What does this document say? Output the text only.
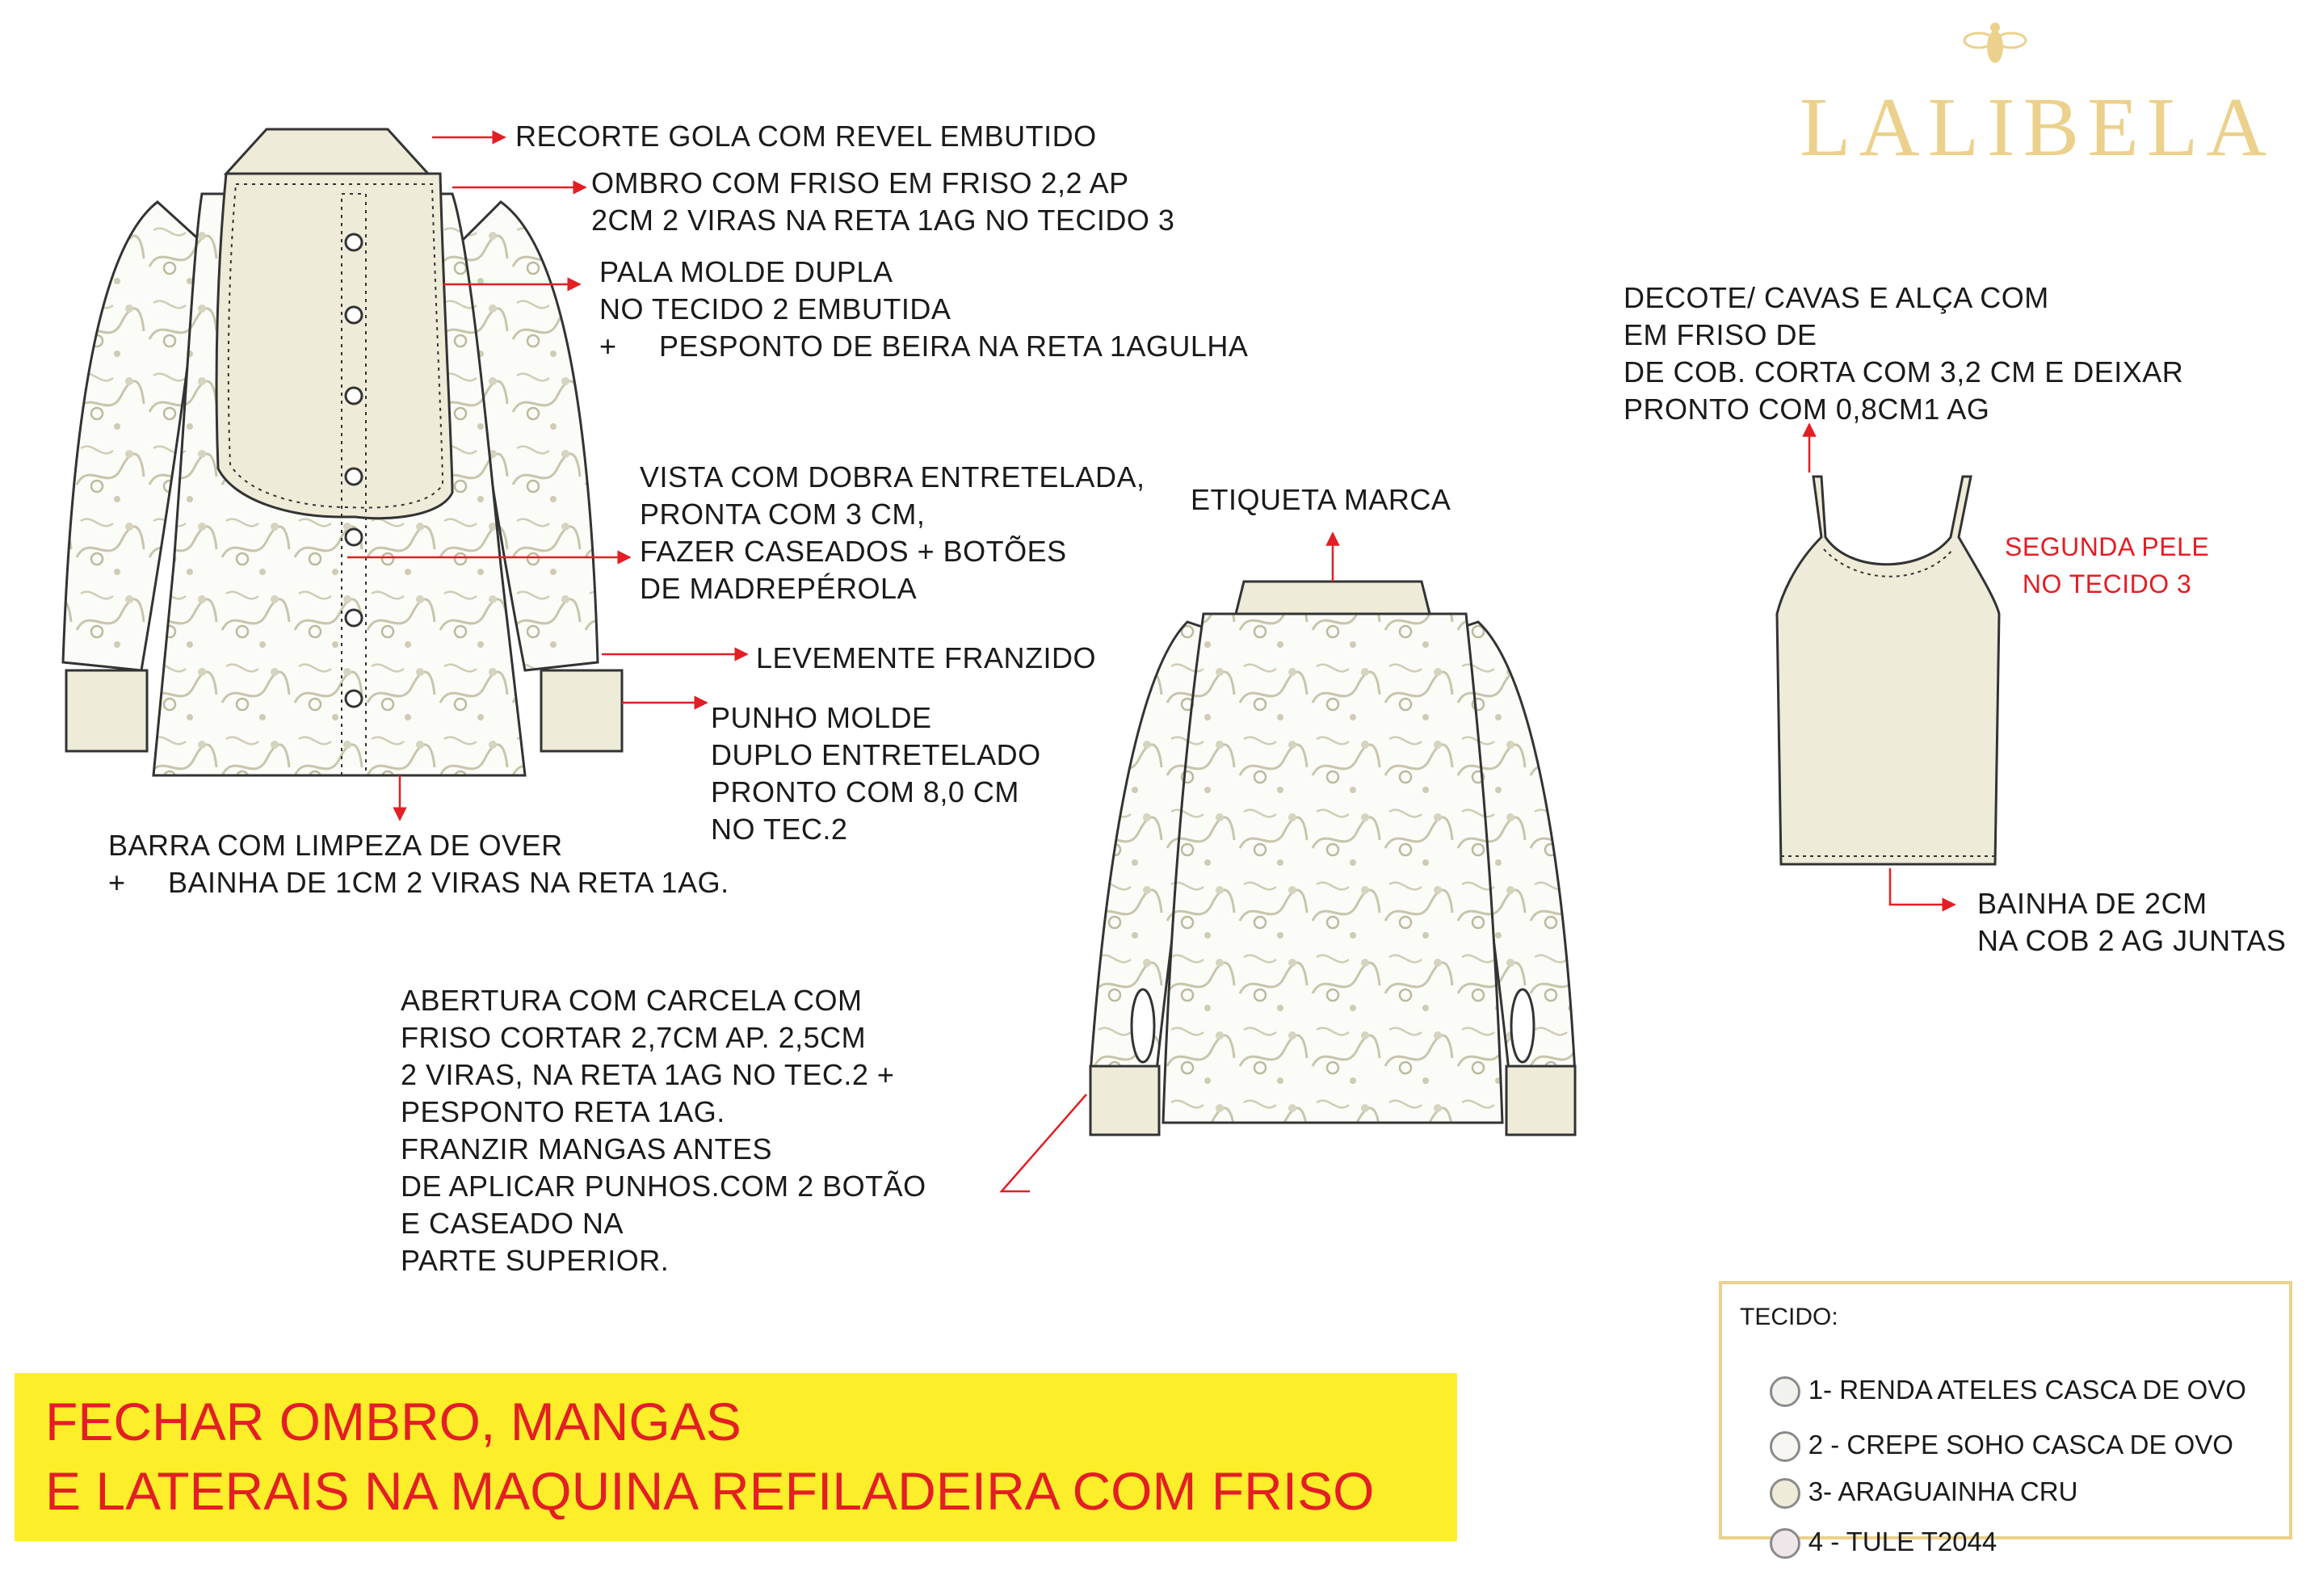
LALIBELA
RECORTE GOLA COM REVEL EMBUTIDO
OMBRO COM FRISO EM FRISO 2,2 AP
2CM 2 VIRAS NA RETA 1AG NO TECIDO 3
PALA MOLDE DUPLA
NO TECIDO 2 EMBUTIDA
+     PESPONTO DE BEIRA NA RETA 1AGULHA
VISTA COM DOBRA ENTRETELADA,
PRONTA COM 3 CM,
FAZER CASEADOS + BOTÕES
DE MADREPÉROLA
ETIQUETA MARCA
LEVEMENTE FRANZIDO
PUNHO MOLDE
DUPLO ENTRETELADO
PRONTO COM 8,0 CM
NO TEC.2
BARRA COM LIMPEZA DE OVER
+     BAINHA DE 1CM 2 VIRAS NA RETA 1AG.
ABERTURA COM CARCELA COM
FRISO CORTAR 2,7CM AP. 2,5CM
2 VIRAS, NA RETA 1AG NO TEC.2 +
PESPONTO RETA 1AG.
FRANZIR MANGAS ANTES
DE APLICAR PUNHOS.COM 2 BOTÃO
E CASEADO NA
PARTE SUPERIOR.
DECOTE/ CAVAS E ALÇA COM
EM FRISO DE
DE COB. CORTA COM 3,2 CM E DEIXAR
PRONTO COM 0,8CM1 AG
SEGUNDA PELE
NO TECIDO 3
BAINHA DE 2CM
NA COB 2 AG JUNTAS
FECHAR OMBRO, MANGAS
E LATERAIS NA MAQUINA REFILADEIRA COM FRISO
TECIDO:

1- RENDA ATELES CASCA DE OVO

2 - CREPE SOHO CASCA DE OVO

3- ARAGUAINHA CRU

4 - TULE T2044
